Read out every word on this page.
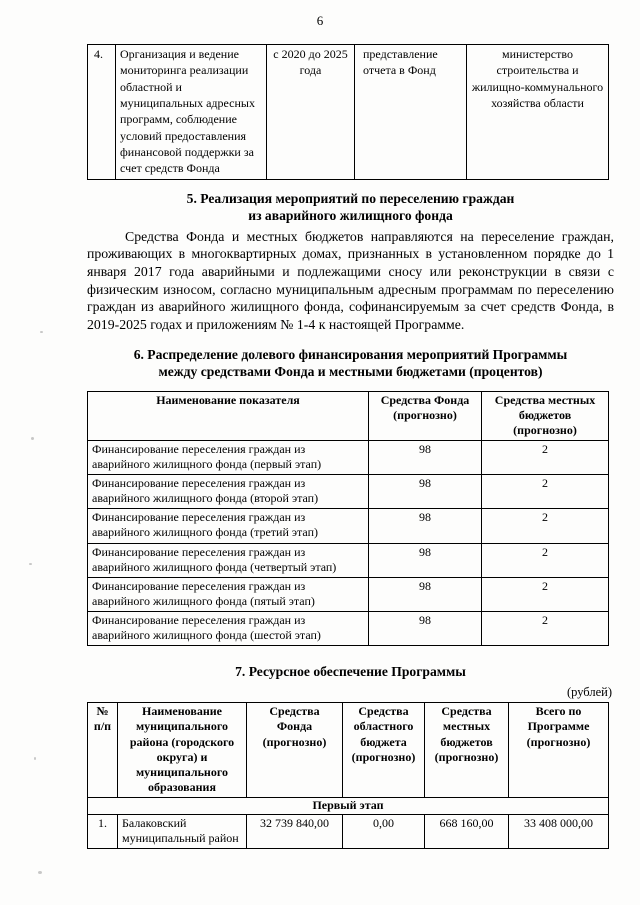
6
4.	Организация и ведение мониторинга реализации областной и муниципальных адресных программ, соблюдение условий предоставления финансовой поддержки за счет средств Фонда	с 2020 до 2025 года	представление отчета в Фонд	министерство строительства и жилищно-коммунального хозяйства области
5. Реализация мероприятий по переселению граждан
из аварийного жилищного фонда
Средства Фонда и местных бюджетов направляются на переселение граждан, проживающих в многоквартирных домах, признанных в установленном порядке до 1 января 2017 года аварийными и подлежащими сносу или реконструкции в связи с физическим износом, согласно муниципальным адресным программам по переселению граждан из аварийного жилищного фонда, софинансируемым за счет средств Фонда, в 2019-2025 годах и приложениям № 1-4 к настоящей Программе.
6. Распределение долевого финансирования мероприятий Программы
между средствами Фонда и местными бюджетами (процентов)
Наименование показателя	Средства Фонда (прогнозно)	Средства местных бюджетов (прогнозно)
Финансирование переселения граждан из аварийного жилищного фонда (первый этап)	98	2
Финансирование переселения граждан из аварийного жилищного фонда (второй этап)	98	2
Финансирование переселения граждан из аварийного жилищного фонда (третий этап)	98	2
Финансирование переселения граждан из аварийного жилищного фонда (четвертый этап)	98	2
Финансирование переселения граждан из аварийного жилищного фонда (пятый этап)	98	2
Финансирование переселения граждан из аварийного жилищного фонда (шестой этап)	98	2
7. Ресурсное обеспечение Программы
(рублей)
№ п/п	Наименование муниципального района (городского округа) и муниципального образования	Средства Фонда (прогнозно)	Средства областного бюджета (прогнозно)	Средства местных бюджетов (прогнозно)	Всего по Программе (прогнозно)
Первый этап					
1.	Балаковский муниципальный район	32 739 840,00	0,00	668 160,00	33 408 000,00
